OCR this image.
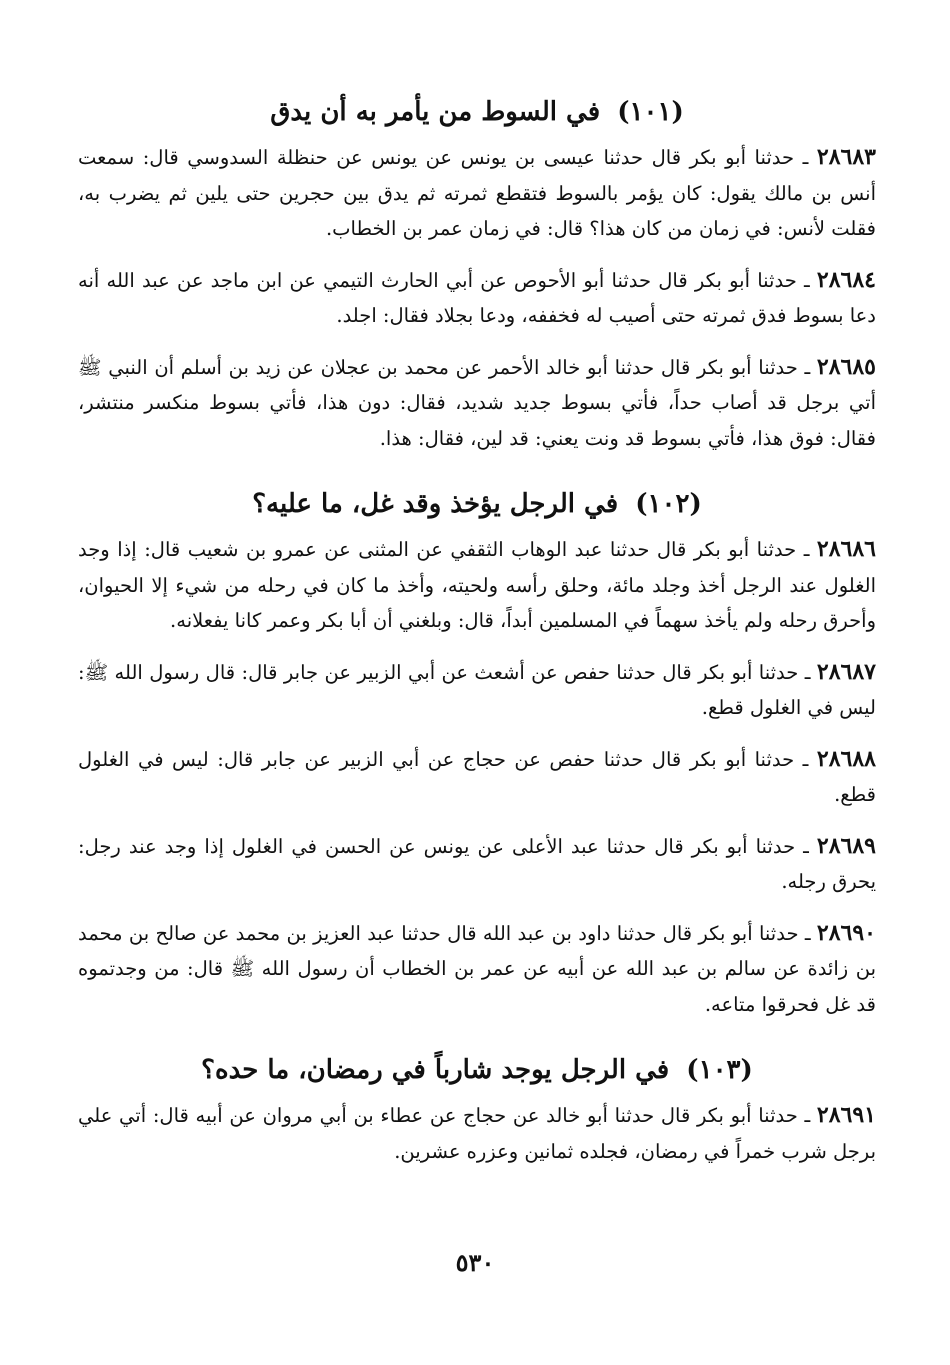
(١٠١) في السوط من يأمر به أن يدق

٢٨٦٨٣ ـ حدثنا أبو بكر قال حدثنا عيسى بن يونس عن يونس عن حنظلة السدوسي قال: سمعت أنس بن مالك يقول: كان يؤمر بالسوط فتقطع ثمرته ثم يدق بين حجرين حتى يلين ثم يضرب به، فقلت لأنس: في زمان من كان هذا؟ قال: في زمان عمر بن الخطاب.

٢٨٦٨٤ ـ حدثنا أبو بكر قال حدثنا أبو الأحوص عن أبي الحارث التيمي عن ابن ماجد عن عبد الله أنه دعا بسوط فدق ثمرته حتى أصيب له فخففه، ودعا بجلاد فقال: اجلد.

٢٨٦٨٥ ـ حدثنا أبو بكر قال حدثنا أبو خالد الأحمر عن محمد بن عجلان عن زيد بن أسلم أن النبي ﷺ أتي برجل قد أصاب حداً، فأتي بسوط جديد شديد، فقال: دون هذا، فأتي بسوط منكسر منتشر، فقال: فوق هذا، فأتي بسوط قد ونت يعني: قد لين، فقال: هذا.

(١٠٢) في الرجل يؤخذ وقد غل، ما عليه؟

٢٨٦٨٦ ـ حدثنا أبو بكر قال حدثنا عبد الوهاب الثقفي عن المثنى عن عمرو بن شعيب قال: إذا وجد الغلول عند الرجل أخذ وجلد مائة، وحلق رأسه ولحيته، وأخذ ما كان في رحله من شيء إلا الحيوان، وأحرق رحله ولم يأخذ سهماً في المسلمين أبداً، قال: وبلغني أن أبا بكر وعمر كانا يفعلانه.

٢٨٦٨٧ ـ حدثنا أبو بكر قال حدثنا حفص عن أشعث عن أبي الزبير عن جابر قال: قال رسول الله ﷺ: ليس في الغلول قطع.

٢٨٦٨٨ ـ حدثنا أبو بكر قال حدثنا حفص عن حجاج عن أبي الزبير عن جابر قال: ليس في الغلول قطع.

٢٨٦٨٩ ـ حدثنا أبو بكر قال حدثنا عبد الأعلى عن يونس عن الحسن في الغلول إذا وجد عند رجل: يحرق رجله.

٢٨٦٩٠ ـ حدثنا أبو بكر قال حدثنا داود بن عبد الله قال حدثنا عبد العزيز بن محمد عن صالح بن محمد بن زائدة عن سالم بن عبد الله عن أبيه عن عمر بن الخطاب أن رسول الله ﷺ قال: من وجدتموه قد غل فحرقوا متاعه.

(١٠٣) في الرجل يوجد شارباً في رمضان، ما حده؟

٢٨٦٩١ ـ حدثنا أبو بكر قال حدثنا أبو خالد عن حجاج عن عطاء بن أبي مروان عن أبيه قال: أتي علي برجل شرب خمراً في رمضان، فجلده ثمانين وعزره عشرين.

٥٣٠
